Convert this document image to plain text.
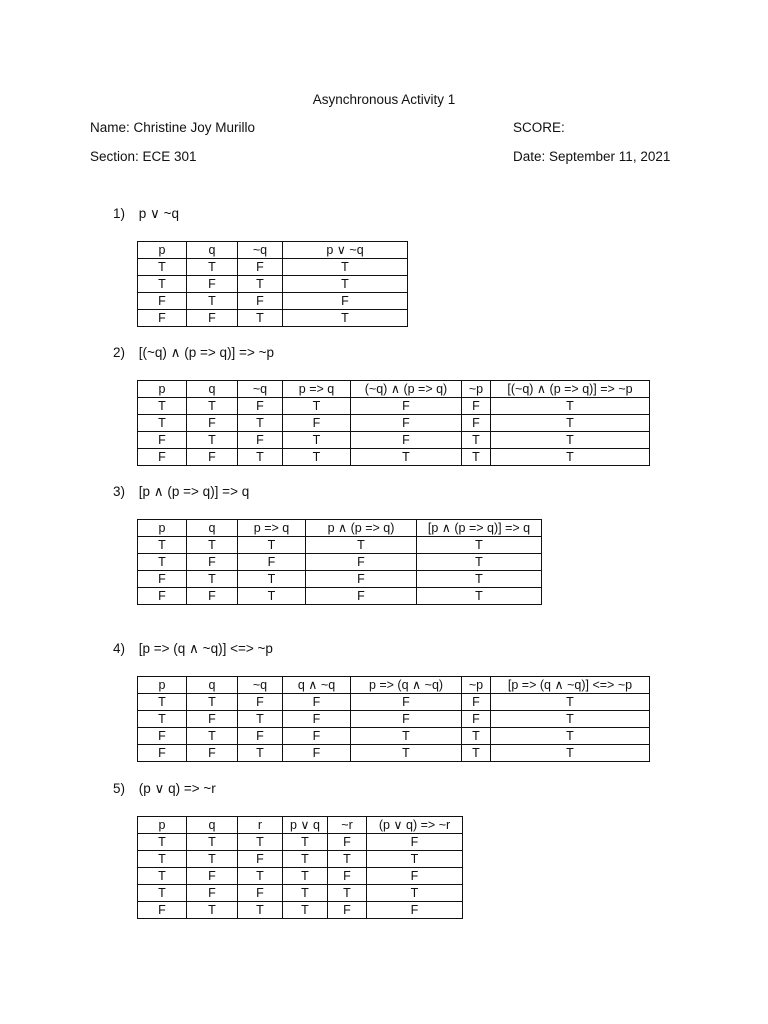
Asynchronous Activity 1
Name: Christine Joy Murillo	SCORE:
Section: ECE 301	Date: September 11, 2021
1) p ∨ ~q
p	q	~q	p ∨ ~q
T	T	F	T
T	F	T	T
F	T	F	F
F	F	T	T
2) [(~q) ∧ (p => q)] => ~p
p	q	~q	p => q	(~q) ∧ (p => q)	~p	[(~q) ∧ (p => q)] => ~p
T	T	F	T	F	F	T
T	F	T	F	F	F	T
F	T	F	T	F	T	T
F	F	T	T	T	T	T
3) [p ∧ (p => q)] => q
p	q	p => q	p ∧ (p => q)	[p ∧ (p => q)] => q
T	T	T	T	T
T	F	F	F	T
F	T	T	F	T
F	F	T	F	T
4) [p => (q ∧ ~q)] <=> ~p
p	q	~q	q ∧ ~q	p => (q ∧ ~q)	~p	[p => (q ∧ ~q)] <=> ~p
T	T	F	F	F	F	T
T	F	T	F	F	F	T
F	T	F	F	T	T	T
F	F	T	F	T	T	T
5) (p ∨ q) => ~r
p	q	r	p ∨ q	~r	(p ∨ q) => ~r
T	T	T	T	F	F
T	T	F	T	T	T
T	F	T	T	F	F
T	F	F	T	T	T
F	T	T	T	F	F
